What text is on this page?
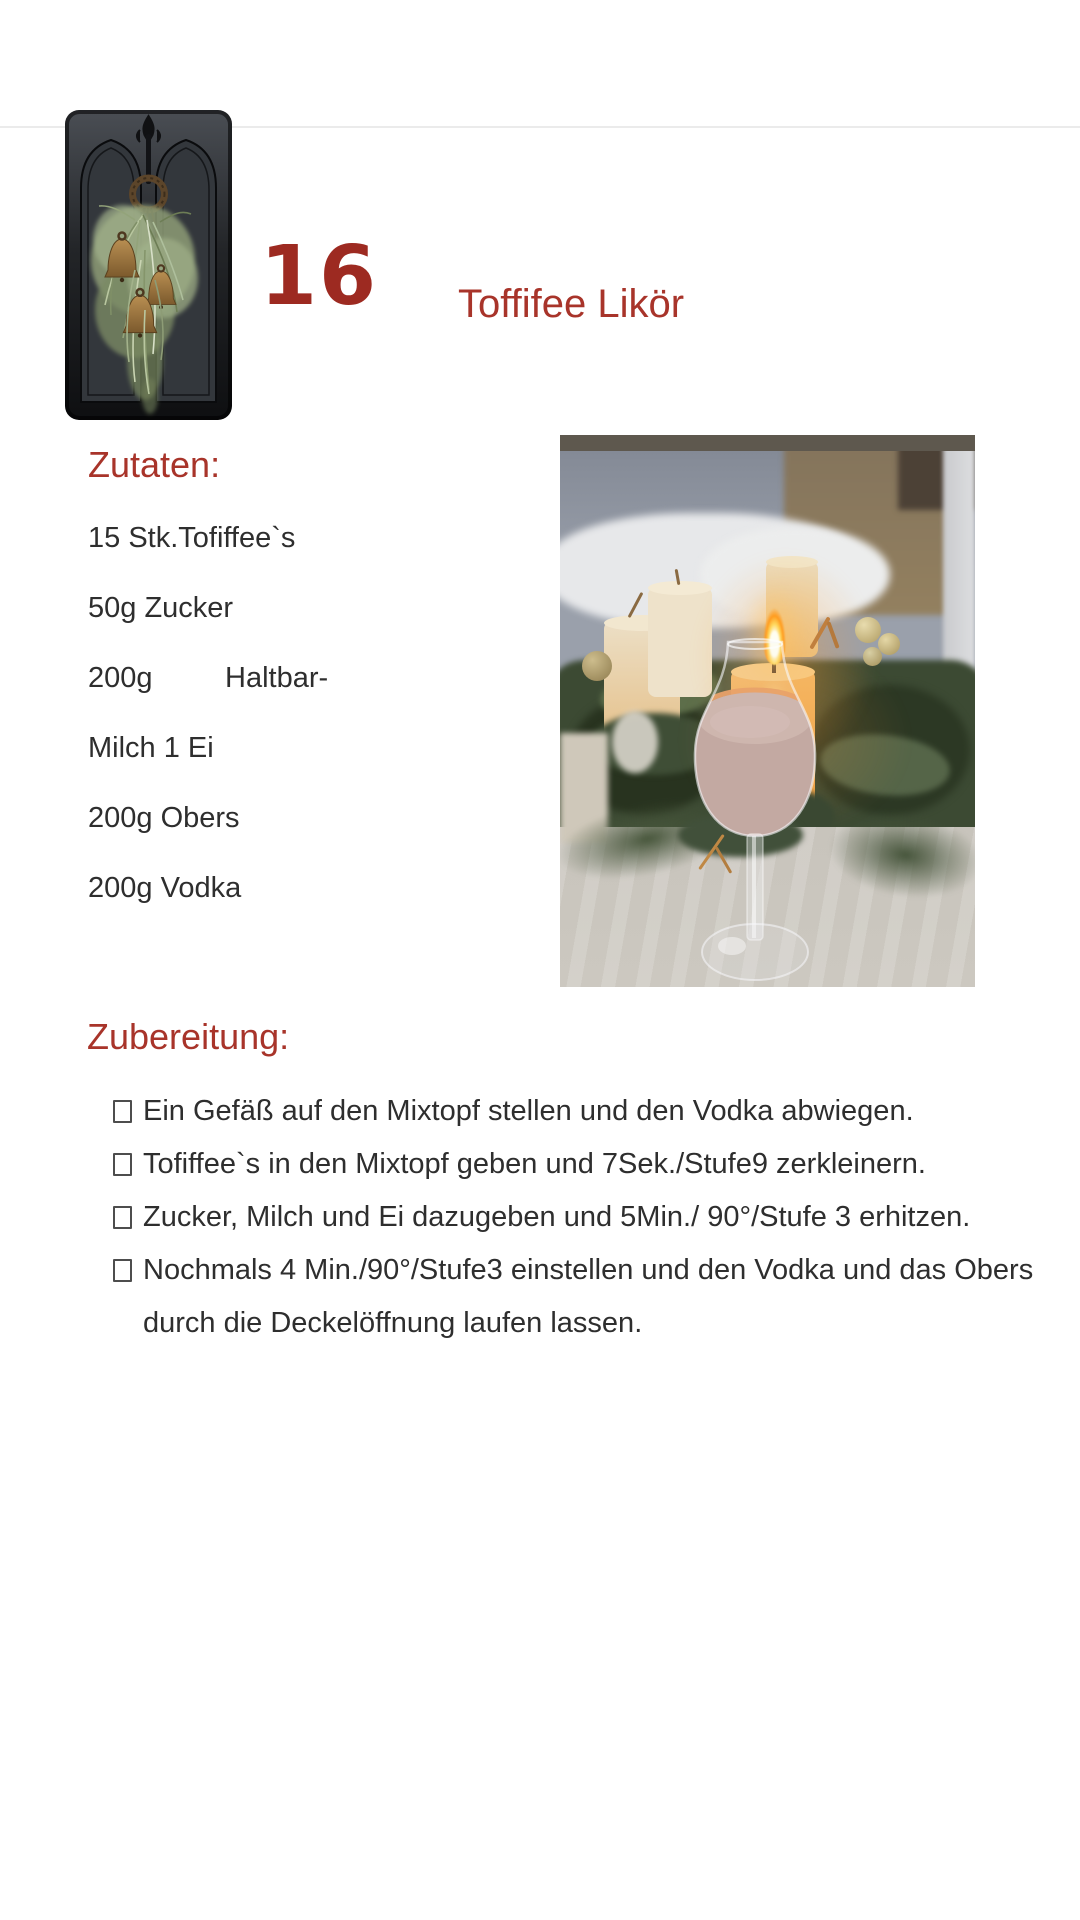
16 Toffifee Likör
Zutaten:
15 Stk.Tofiffee`s
50g Zucker
200g         Haltbar-
Milch 1 Ei
200g Obers
200g Vodka
Zubereitung:
Ein Gefäß auf den Mixtopf stellen und den Vodka abwiegen.
Tofiffee`s in den Mixtopf geben und 7Sek./Stufe9 zerkleinern.
Zucker, Milch und Ei dazugeben und 5Min./ 90°/Stufe 3 erhitzen.
Nochmals 4 Min./90°/Stufe3 einstellen und den Vodka und das Obers durch die Deckelöffnung laufen lassen.
